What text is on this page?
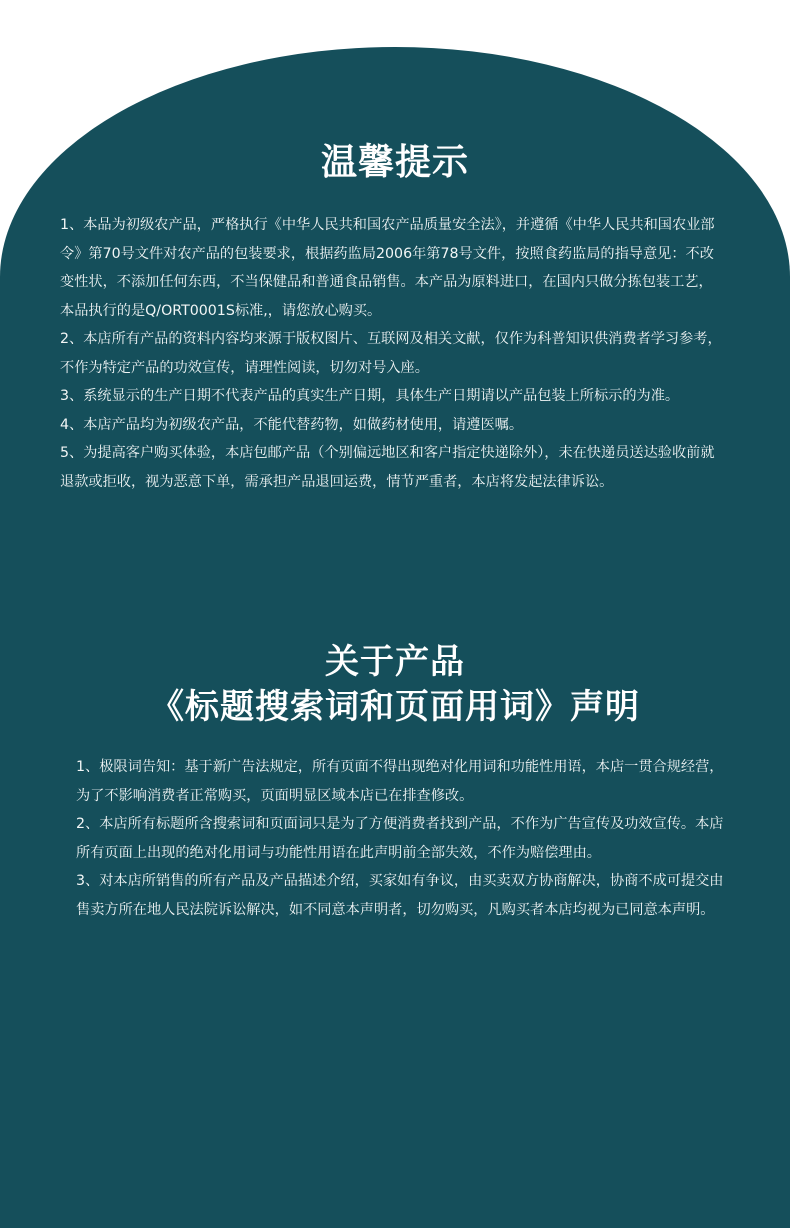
温馨提示

1、本品为初级农产品，严格执行《中华人民共和国农产品质量安全法》，并遵循《中华人民共和国农业部令》第70号文件对农产品的包装要求，根据药监局2006年第78号文件，按照食药监局的指导意见：不改变性状，不添加任何东西，不当保健品和普通食品销售。本产品为原料进口，在国内只做分拣包装工艺，本品执行的是Q/ORT0001S标准,，请您放心购买。

2、本店所有产品的资料内容均来源于版权图片、互联网及相关文献，仅作为科普知识供消费者学习参考，不作为特定产品的功效宣传，请理性阅读，切勿对号入座。

3、系统显示的生产日期不代表产品的真实生产日期，具体生产日期请以产品包装上所标示的为准。

4、本店产品均为初级农产品，不能代替药物，如做药材使用，请遵医嘱。

5、为提高客户购买体验，本店包邮产品（个别偏远地区和客户指定快递除外），未在快递员送达验收前就退款或拒收，视为恶意下单，需承担产品退回运费，情节严重者，本店将发起法律诉讼。

关于产品
《标题搜索词和页面用词》声明

1、极限词告知：基于新广告法规定，所有页面不得出现绝对化用词和功能性用语，本店一贯合规经营，为了不影响消费者正常购买，页面明显区域本店已在排查修改。

2、本店所有标题所含搜索词和页面词只是为了方便消费者找到产品，不作为广告宣传及功效宣传。本店所有页面上出现的绝对化用词与功能性用语在此声明前全部失效，不作为赔偿理由。

3、对本店所销售的所有产品及产品描述介绍，买家如有争议，由买卖双方协商解决，协商不成可提交由售卖方所在地人民法院诉讼解决，如不同意本声明者，切勿购买，凡购买者本店均视为已同意本声明。
